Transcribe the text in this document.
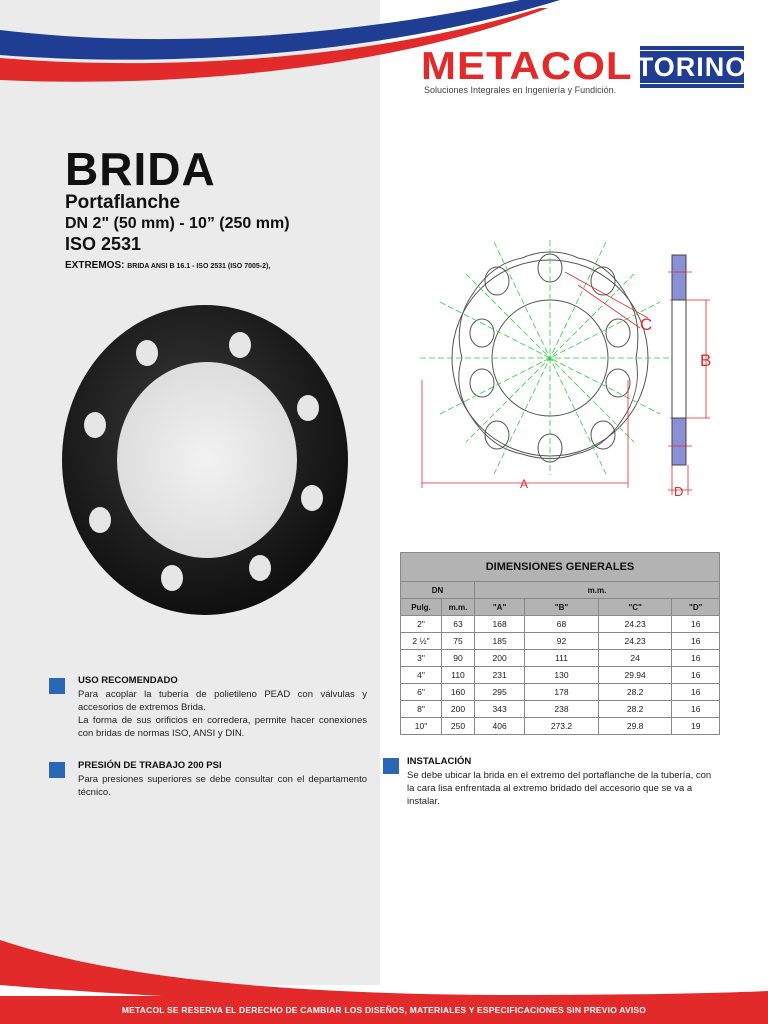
METACOL
Soluciones Integrales en Ingeniería y Fundición.
TORINO
BRIDA
Portaflanche
DN 2" (50 mm) - 10” (250 mm)
ISO 2531
EXTREMOS: BRIDA ANSI B 16.1 - ISO 2531 (ISO 7005-2),
C
B
A	D
DIMENSIONES GENERALES					
DN		m.m.			
Pulg.	m.m.	"A"	"B"	"C"	"D"
2"	63	168	68	24.23	16
2 ½"	75	185	92	24.23	16
3"	90	200	111	24	16
4"	110	231	130	29.94	16
6"	160	295	178	28.2	16
8"	200	343	238	28.2	16
10"	250	406	273.2	29.8	19

USO RECOMENDADO

Para acoplar la tubería de polietileno PEAD con válvulas y accesorios de extremos Brida.

La forma de sus orificios en corredera, permite hacer conexiones con bridas de normas ISO, ANSI y DIN.

PRESIÓN DE TRABAJO 200 PSI

Para presiones superiores se debe consultar con el departamento técnico.

INSTALACIÓN

Se debe ubicar la brida en el extremo del portaflanche de la tubería, con la cara lisa enfrentada al extremo bridado del accesorio que se va a instalar.

METACOL SE RESERVA EL DERECHO DE CAMBIAR LOS DISEÑOS, MATERIALES Y ESPECIFICACIONES SIN PREVIO AVISO
